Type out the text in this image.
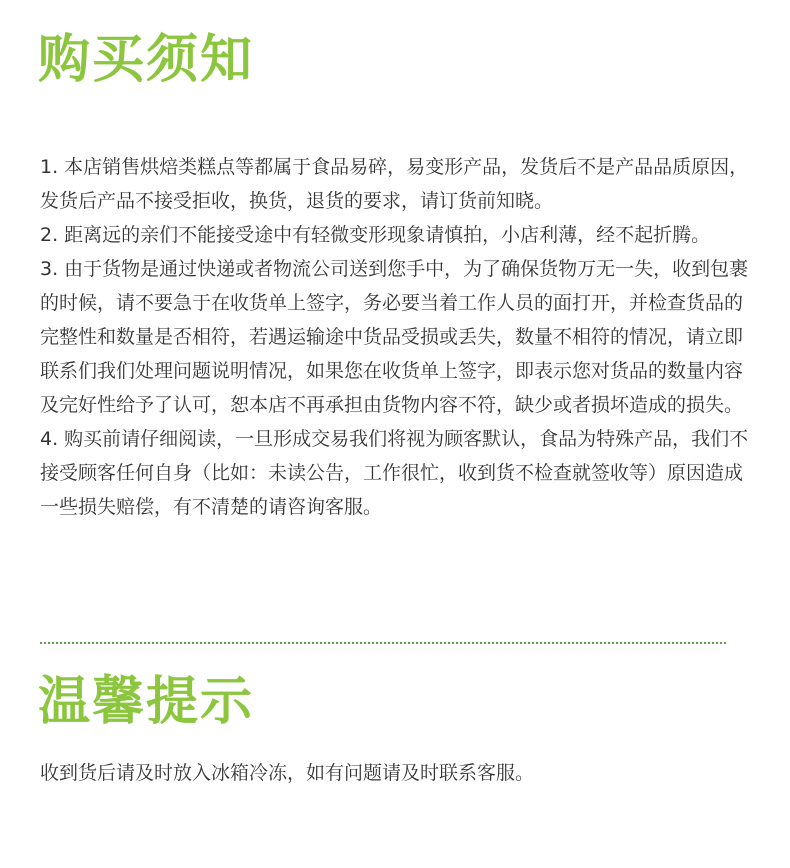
购买须知

1. 本店销售烘焙类糕点等都属于食品易碎，易变形产品，发货后不是产品品质原因，发货后产品不接受拒收，换货，退货的要求，请订货前知晓。

2. 距离远的亲们不能接受途中有轻微变形现象请慎拍，小店利薄，经不起折腾。

3. 由于货物是通过快递或者物流公司送到您手中，为了确保货物万无一失，收到包裹的时候，请不要急于在收货单上签字，务必要当着工作人员的面打开，并检查货品的完整性和数量是否相符，若遇运输途中货品受损或丢失，数量不相符的情况，请立即联系们我们处理问题说明情况，如果您在收货单上签字，即表示您对货品的数量内容及完好性给予了认可，恕本店不再承担由货物内容不符，缺少或者损坏造成的损失。

4. 购买前请仔细阅读，一旦形成交易我们将视为顾客默认，食品为特殊产品，我们不接受顾客任何自身（比如：未读公告，工作很忙，收到货不检查就签收等）原因造成一些损失赔偿，有不清楚的请咨询客服。

温馨提示

收到货后请及时放入冰箱冷冻，如有问题请及时联系客服。
